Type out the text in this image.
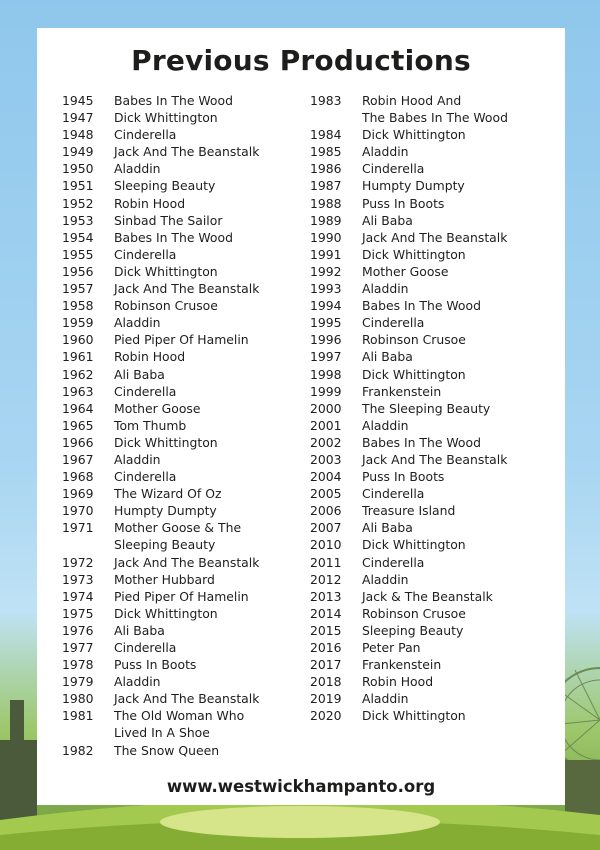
Previous Productions
1945	Babes In The Wood
1947	Dick Whittington
1948	Cinderella
1949	Jack And The Beanstalk
1950	Aladdin
1951	Sleeping Beauty
1952	Robin Hood
1953	Sinbad The Sailor
1954	Babes In The Wood
1955	Cinderella
1956	Dick Whittington
1957	Jack And The Beanstalk
1958	Robinson Crusoe
1959	Aladdin
1960	Pied Piper Of Hamelin
1961	Robin Hood
1962	Ali Baba
1963	Cinderella
1964	Mother Goose
1965	Tom Thumb
1966	Dick Whittington
1967	Aladdin
1968	Cinderella
1969	The Wizard Of Oz
1970	Humpty Dumpty
1971	Mother Goose & The
Sleeping Beauty
1972	Jack And The Beanstalk
1973	Mother Hubbard
1974	Pied Piper Of Hamelin
1975	Dick Whittington
1976	Ali Baba
1977	Cinderella
1978	Puss In Boots
1979	Aladdin
1980	Jack And The Beanstalk
1981	The Old Woman Who
Lived In A Shoe
1982	The Snow Queen
1983	Robin Hood And
The Babes In The Wood
1984	Dick Whittington
1985	Aladdin
1986	Cinderella
1987	Humpty Dumpty
1988	Puss In Boots
1989	Ali Baba
1990	Jack And The Beanstalk
1991	Dick Whittington
1992	Mother Goose
1993	Aladdin
1994	Babes In The Wood
1995	Cinderella
1996	Robinson Crusoe
1997	Ali Baba
1998	Dick Whittington
1999	Frankenstein
2000	The Sleeping Beauty
2001	Aladdin
2002	Babes In The Wood
2003	Jack And The Beanstalk
2004	Puss In Boots
2005	Cinderella
2006	Treasure Island
2007	Ali Baba
2010	Dick Whittington
2011	Cinderella
2012	Aladdin
2013	Jack & The Beanstalk
2014	Robinson Crusoe
2015	Sleeping Beauty
2016	Peter Pan
2017	Frankenstein
2018	Robin Hood
2019	Aladdin
2020	Dick Whittington
www.westwickhampanto.org
